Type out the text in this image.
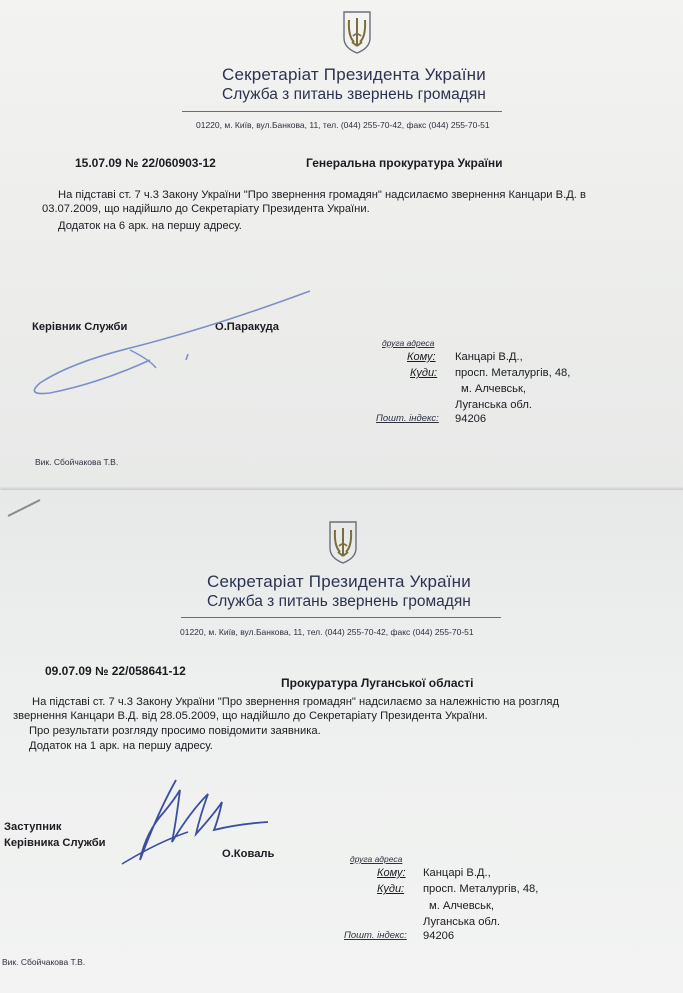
Секретаріат Президента України
Служба з питань звернень громадян
01220, м. Київ, вул.Банкова, 11, тел. (044) 255-70-42, факс (044) 255-70-51
15.07.09 № 22/060903-12	Генеральна прокуратура України
На підставі ст. 7 ч.3 Закону України "Про звернення громадян" надсилаємо звернення Канцари В.Д. в
03.07.2009, що надійшло до Секретаріату Президента України.
Додаток на 6 арк. на першу адресу.
Керівник Служби	О.Паракуда
друга адреса
Кому: Канцарі В.Д.,
Куди: просп. Металургів, 48,
м. Алчевськ,
Луганська обл.
Пошт. індекс: 94206
Вик. Сбойчакова Т.В.
Секретаріат Президента України
Служба з питань звернень громадян
01220, м. Київ, вул.Банкова, 11, тел. (044) 255-70-42, факс (044) 255-70-51
09.07.09 № 22/058641-12
Прокуратура Луганської області
На підставі ст. 7 ч.3 Закону України "Про звернення громадян" надсилаємо за належністю на розгляд
звернення Канцари В.Д. від 28.05.2009, що надійшло до Секретаріату Президента України.
Про результати розгляду просимо повідомити заявника.
Додаток на 1 арк. на першу адресу.
Заступник
Керівника Служби
О.Коваль	друга адреса
Кому: Канцарі В.Д.,
Куди: просп. Металургів, 48,
м. Алчевськ,
Луганська обл.
Пошт. індекс: 94206
Вик. Сбойчакова Т.В.
